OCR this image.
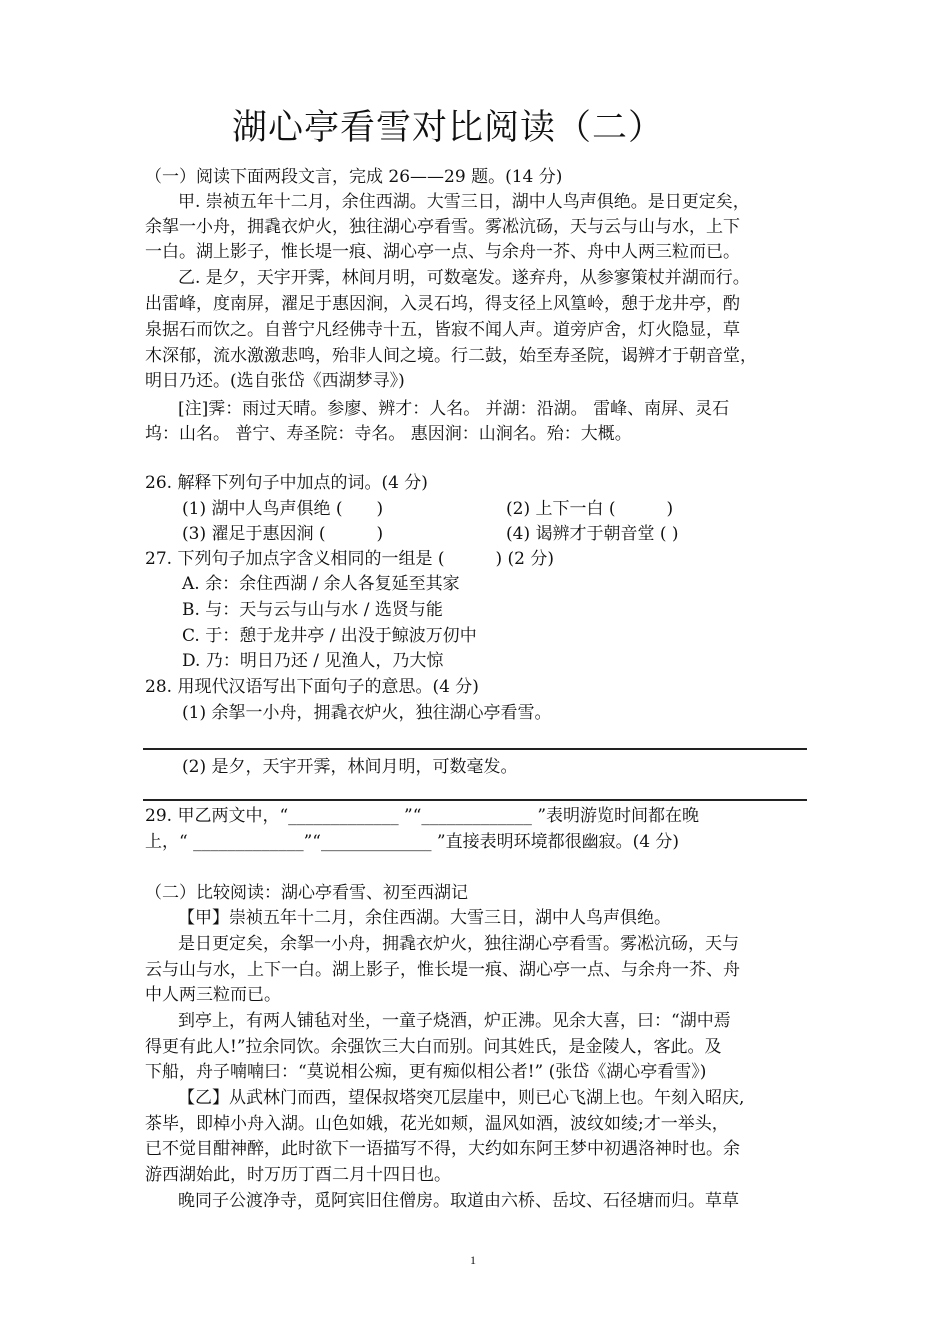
湖心亭看雪对比阅读（二）
（一）阅读下面两段文言，完成 26——29 题。(14 分)
甲. 崇祯五年十二月，余住西湖。大雪三日，湖中人鸟声俱绝。是日更定矣，
余挐一小舟，拥毳衣炉火，独往湖心亭看雪。雾凇沆砀，天与云与山与水，上下
一白。湖上影子，惟长堤一痕、湖心亭一点、与余舟一芥、舟中人两三粒而已。
乙. 是夕，天宇开霁，林间月明，可数毫发。遂弃舟，从参寥策杖并湖而行。
出雷峰，度南屏，濯足于惠因涧，入灵石坞，得支径上风篁岭，憩于龙井亭，酌
泉据石而饮之。自普宁凡经佛寺十五，皆寂不闻人声。道旁庐舍，灯火隐显，草
木深郁，流水激激悲鸣，殆非人间之境。行二鼓，始至寿圣院，谒辨才于朝音堂，
明日乃还。(选自张岱《西湖梦寻》)
[注]霁：雨过天晴。参廖、辨才：人名。 并湖：沿湖。 雷峰、南屏、灵石
坞：山名。 普宁、寿圣院：寺名。 惠因涧：山涧名。殆：大概。
26. 解释下列句子中加点的词。(4 分)
(1) 湖中人鸟声俱绝 (　　)	(2) 上下一白 (　　　)
(3) 濯足于惠因涧 (　　　)	(4) 谒辨才于朝音堂 ( )
27. 下列句子加点字含义相同的一组是 (　　　) (2 分)
A. 余：余住西湖 / 余人各复延至其家
B. 与：天与云与山与水 / 选贤与能
C. 于：憩于龙井亭 / 出没于鲸波万仞中
D. 乃：明日乃还 / 见渔人，乃大惊
28. 用现代汉语写出下面句子的意思。(4 分)
(1) 余挐一小舟，拥毳衣炉火，独往湖心亭看雪。
(2) 是夕，天宇开霁，林间月明，可数毫发。
29. 甲乙两文中，“_____________ ”“_____________ ”表明游览时间都在晚
上，“ _____________”“_____________ ”直接表明环境都很幽寂。(4 分)
（二）比较阅读：湖心亭看雪、初至西湖记
【甲】崇祯五年十二月，余住西湖。大雪三日，湖中人鸟声俱绝。
是日更定矣，余挐一小舟，拥毳衣炉火，独往湖心亭看雪。雾凇沆砀，天与
云与山与水，上下一白。湖上影子，惟长堤一痕、湖心亭一点、与余舟一芥、舟
中人两三粒而已。
到亭上，有两人铺毡对坐，一童子烧酒，炉正沸。见余大喜，曰：“湖中焉
得更有此人!”拉余同饮。余强饮三大白而别。问其姓氏，是金陵人，客此。及
下船，舟子喃喃曰：“莫说相公痴，更有痴似相公者!” (张岱《湖心亭看雪》)
【乙】从武林门而西，望保叔塔突兀层崖中，则已心飞湖上也。午刻入昭庆,
茶毕，即棹小舟入湖。山色如娥，花光如颊，温风如酒，波纹如绫;才一举头，
已不觉目酣神醉，此时欲下一语描写不得，大约如东阿王梦中初遇洛神时也。余
游西湖始此，时万历丁酉二月十四日也。
晚同子公渡净寺，觅阿宾旧住僧房。取道由六桥、岳坟、石径塘而归。草草
1
